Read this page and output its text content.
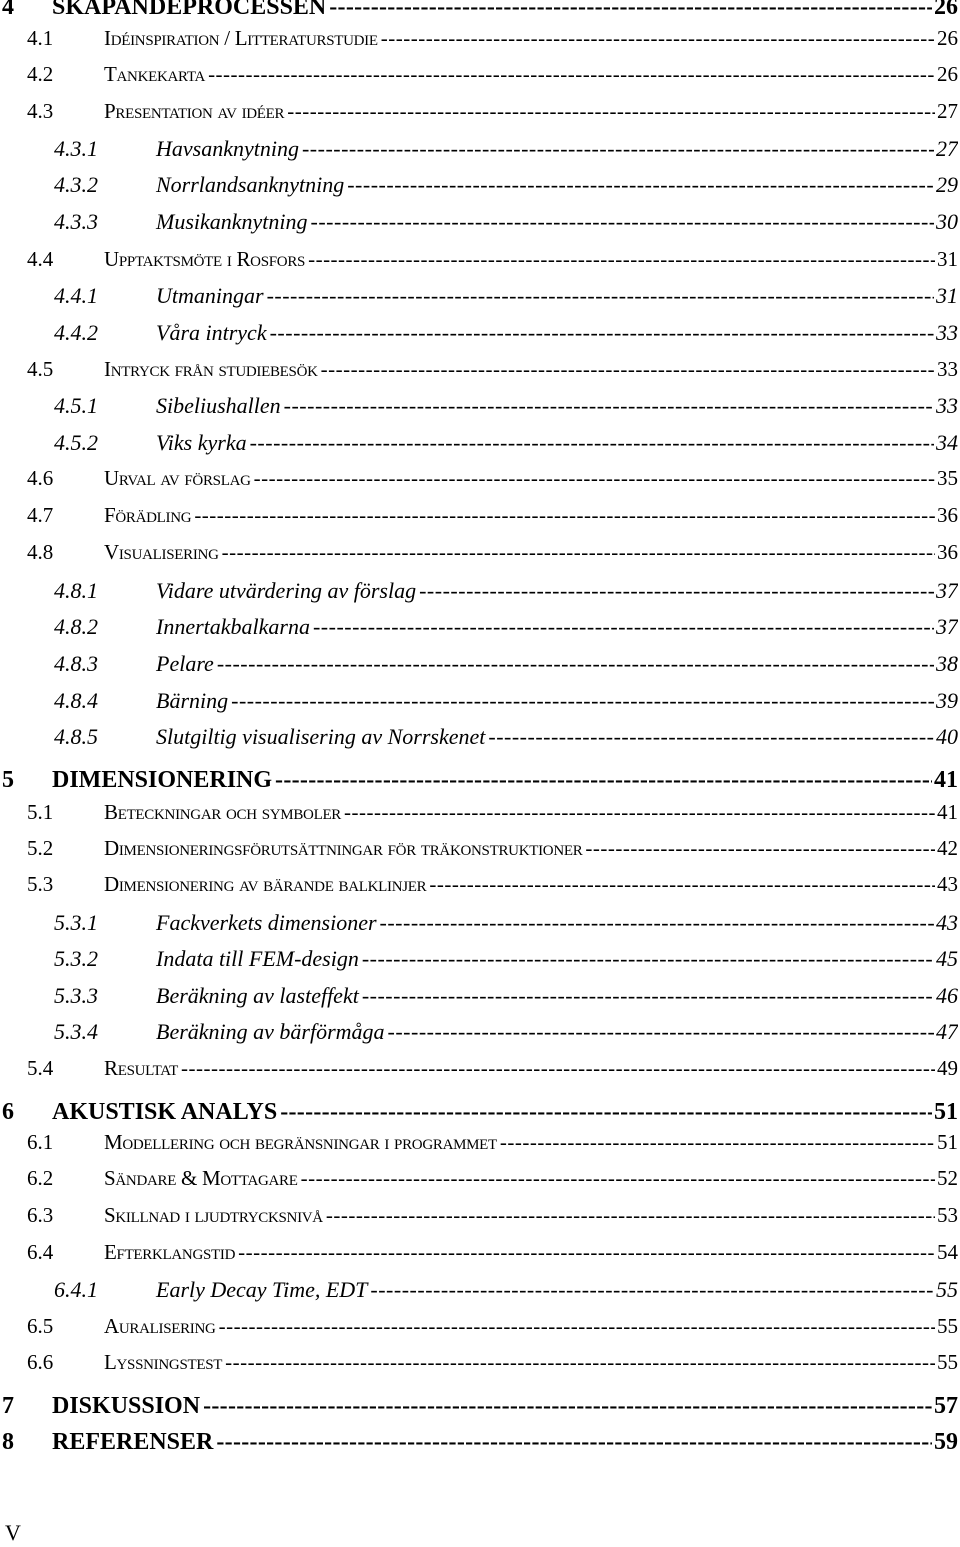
4	SKAPANDEPROCESSEN -----	26
4.1	Idéinspiration / Litteraturstudie -----	26
4.2	Tankekarta -----	26
4.3	Presentation av idéer -----	27
4.3.1	Havsanknytning -----	27
4.3.2	Norrlandsanknytning -----	29
4.3.3	Musikanknytning -----	30
4.4	Upptaktsmöte i Rosfors -----	31
4.4.1	Utmaningar -----	31
4.4.2	Våra intryck -----	33
4.5	Intryck från studiebesök -----	33
4.5.1	Sibeliushallen -----	33
4.5.2	Viks kyrka -----	34
4.6	Urval av förslag -----	35
4.7	Förädling -----	36
4.8	Visualisering -----	36
4.8.1	Vidare utvärdering av förslag -----	37
4.8.2	Innertakbalkarna -----	37
4.8.3	Pelare -----	38
4.8.4	Bärning -----	39
4.8.5	Slutgiltig visualisering av Norrskenet -----	40
5	DIMENSIONERING -----	41
5.1	Beteckningar och symboler -----	41
5.2	Dimensioneringsförutsättningar för träkonstruktioner -----	42
5.3	Dimensionering av bärande balklinjer -----	43
5.3.1	Fackverkets dimensioner -----	43
5.3.2	Indata till FEM-design -----	45
5.3.3	Beräkning av lasteffekt -----	46
5.3.4	Beräkning av bärförmåga -----	47
5.4	Resultat -----	49
6	AKUSTISK ANALYS -----	51
6.1	Modellering och begränsningar i programmet -----	51
6.2	Sändare & Mottagare -----	52
6.3	Skillnad i ljudtrycksnivå -----	53
6.4	Efterklangstid -----	54
6.4.1	Early Decay Time, EDT -----	55
6.5	Auralisering -----	55
6.6	Lyssningstest -----	55
7	DISKUSSION -----	57
8	REFERENSER -----	59
V
